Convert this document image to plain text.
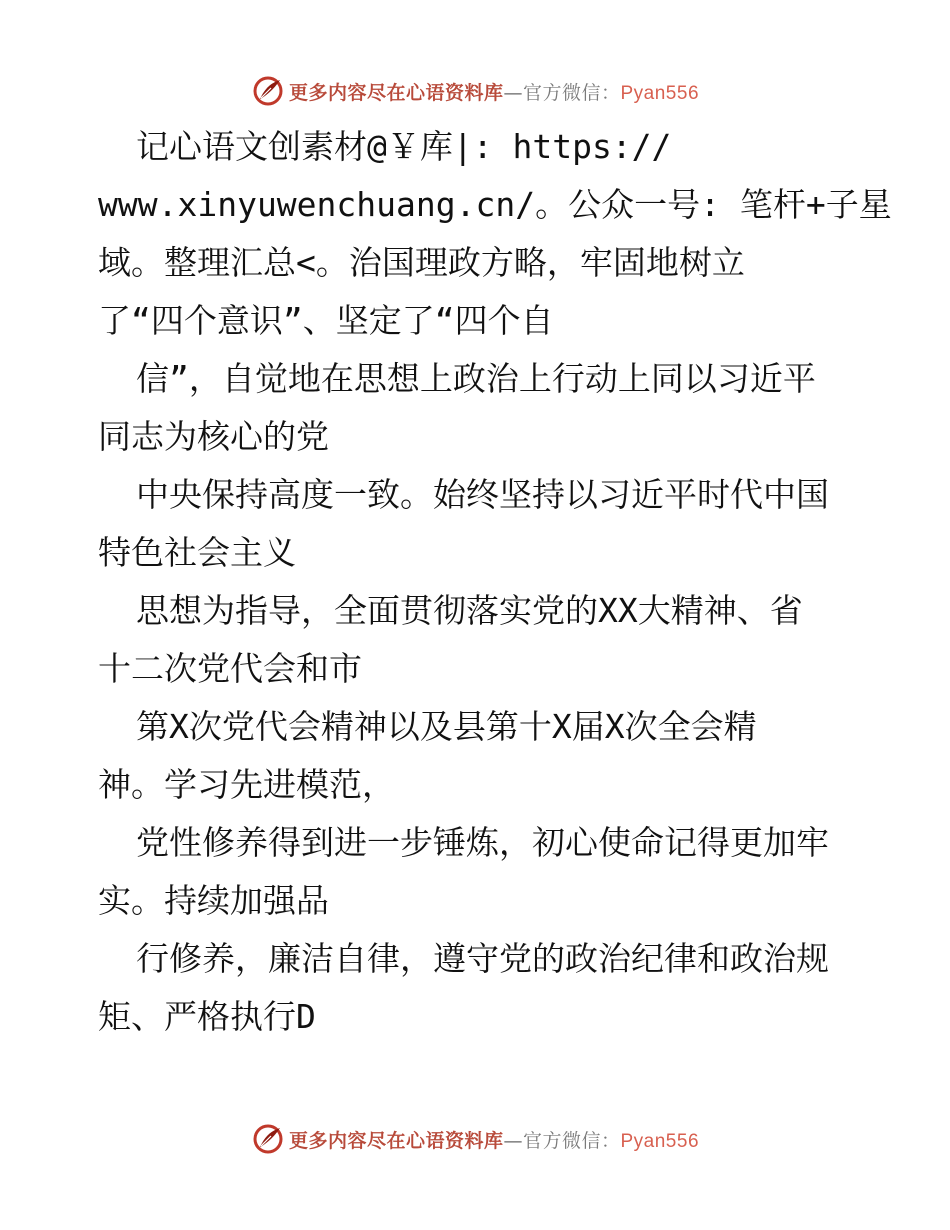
更多内容尽在心语资料库—官方微信：Pyan556

记心语文创素材@￥库|: https://

www.xinyuwenchuang.cn/。公众一号: 笔杆+子星

域。整理汇总<。治国理政方略，牢固地树立

了“四个意识”、坚定了“四个自

信”，自觉地在思想上政治上行动上同以习近平

同志为核心的党

中央保持高度一致。始终坚持以习近平时代中国

特色社会主义

思想为指导，全面贯彻落实党的XX大精神、省

十二次党代会和市

第X次党代会精神以及县第十X届X次全会精

神。学习先进模范，

党性修养得到进一步锤炼，初心使命记得更加牢

实。持续加强品

行修养，廉洁自律，遵守党的政治纪律和政治规

矩、严格执行D

更多内容尽在心语资料库—官方微信：Pyan556
